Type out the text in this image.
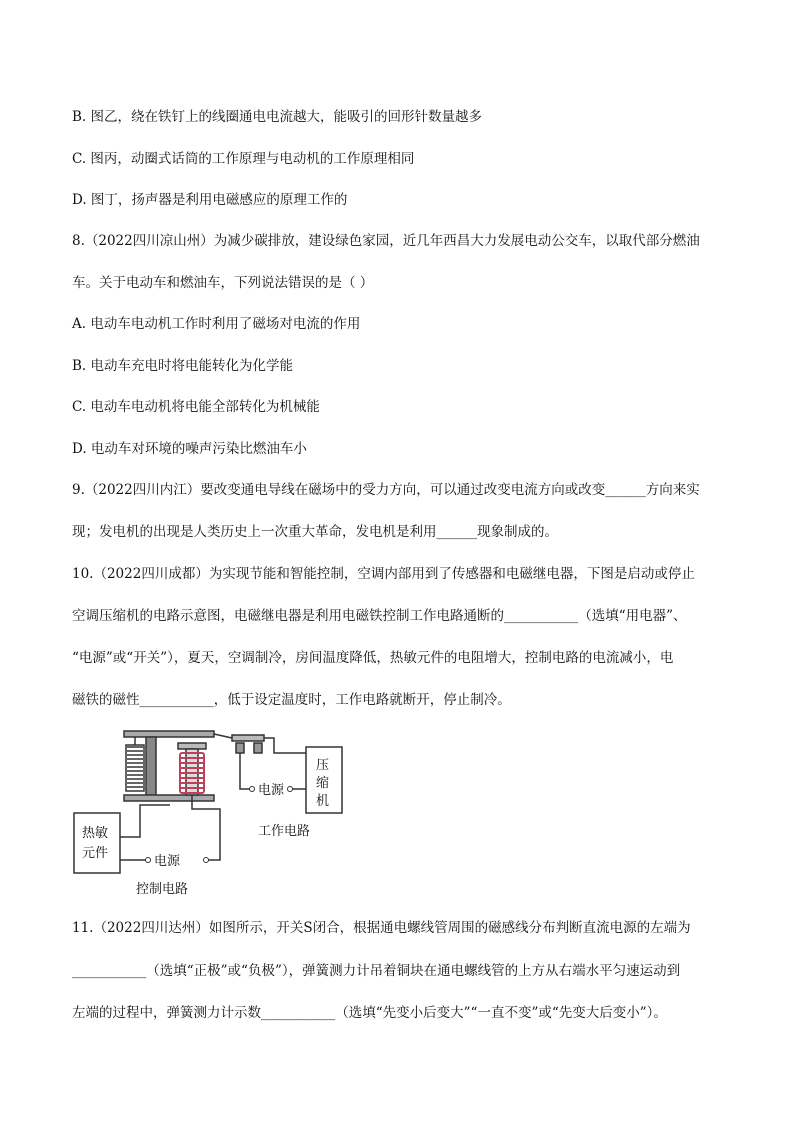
B. 图乙，绕在铁钉上的线圈通电电流越大，能吸引的回形针数量越多
C. 图丙，动圈式话筒的工作原理与电动机的工作原理相同
D. 图丁，扬声器是利用电磁感应的原理工作的
8.（2022四川凉山州）为减少碳排放，建设绿色家园，近几年西昌大力发展电动公交车，以取代部分燃油
车。关于电动车和燃油车，下列说法错误的是（ ）
A. 电动车电动机工作时利用了磁场对电流的作用
B. 电动车充电时将电能转化为化学能
C. 电动车电动机将电能全部转化为机械能
D. 电动车对环境的噪声污染比燃油车小
9.（2022四川内江）要改变通电导线在磁场中的受力方向，可以通过改变电流方向或改变______方向来实
现；发电机的出现是人类历史上一次重大革命，发电机是利用______现象制成的。
10.（2022四川成都）为实现节能和智能控制，空调内部用到了传感器和电磁继电器，下图是启动或停止
空调压缩机的电路示意图，电磁继电器是利用电磁铁控制工作电路通断的___________（选填“用电器”、
“电源”或“开关”），夏天，空调制冷，房间温度降低，热敏元件的电阻增大，控制电路的电流减小，电
磁铁的磁性___________，低于设定温度时，工作电路就断开，停止制冷。
11.（2022四川达州）如图所示，开关S闭合，根据通电螺线管周围的磁感线分布判断直流电源的左端为
___________（选填“正极”或“负极”），弹簧测力计吊着铜块在通电螺线管的上方从右端水平匀速运动到
左端的过程中，弹簧测力计示数___________（选填“先变小后变大”“一直不变”或“先变大后变小”）。
压
缩
机
热敏
元件
电源
电源
工作电路
控制电路
